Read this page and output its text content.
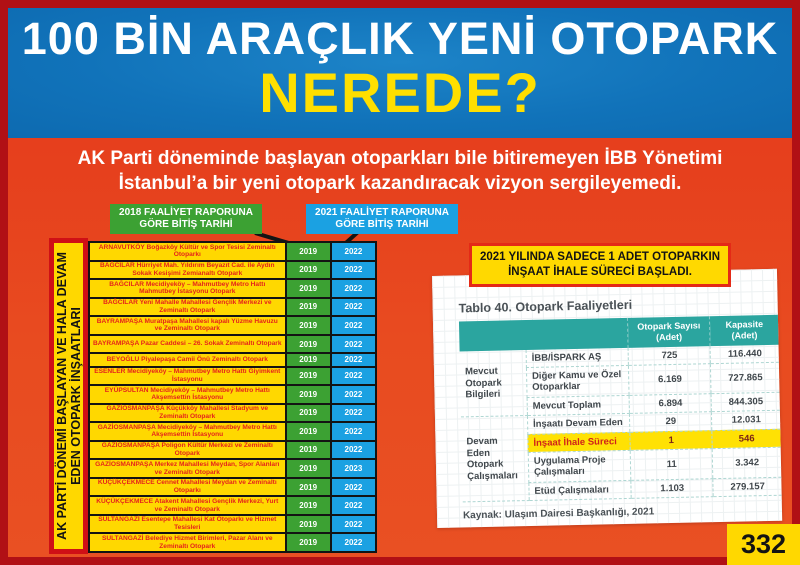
100 BİN ARAÇLIK YENİ OTOPARK
NEREDE?
AK Parti döneminde başlayan otoparkları bile bitiremeyen İBB Yönetimi
İstanbul’a bir yeni otopark kazandıracak vizyon sergileyemedi.
2018 FAALİYET RAPORUNA GÖRE BİTİŞ TARİHİ
2021 FAALİYET RAPORUNA GÖRE BİTİŞ TARİHİ
AK PARTİ DÖNEMİ BAŞLAYAN VE HALA DEVAM EDEN OTOPARK İNŞAATLARI
ARNAVUTKÖY Boğazköy Kültür ve Spor Tesisi Zeminaltı Otoparkı	2019	2022
BAĞCILAR Hürriyet Mah. Yıldırım Beyazıt Cad. ile Aydın Sokak Kesişimi Zemianaltı Otopark	2019	2022
BAĞCILAR Mecidiyeköy – Mahmutbey Metro Hattı Mahmutbey İstasyonu Otopark	2019	2022
BAĞCILAR Yeni Mahalle Mahallesi Gençlik Merkezi ve Zeminaltı Otopark	2019	2022
BAYRAMPAŞA Muratpaşa Mahallesi kapalı Yüzme Havuzu ve Zeminaltı Otopark	2019	2022
BAYRAMPAŞA Pazar Caddesi – 26. Sokak Zeminaltı Otopark	2019	2022
BEYOĞLU Piyalepaşa Camii Önü Zeminaltı Otopark	2019	2022
ESENLER Mecidiyeköy – Mahmutbey Metro Hattı Giyimkent İstasyonu	2019	2022
EYÜPSULTAN Mecidiyeköy – Mahmutbey Metro Hattı Akşemsettin İstasyonu	2019	2022
GAZİOSMANPAŞA Küçükköy Mahallesi Stadyum ve Zeminaltı Otopark	2019	2022
GAZİOSMANPAŞA Mecidiyeköy – Mahmutbey Metro Hattı Akşemsettin İstasyonu	2019	2022
GAZİOSMANPAŞA Poligon Kültür Merkezi ve Zeminaltı Otopark	2019	2022
GAZİOSMANPAŞA Merkez Mahallesi Meydan, Spor Alanları ve Zeminaltı Otopark	2019	2023
KÜÇÜKÇEKMECE Cennet Mahallesi Meydan ve Zeminaltı Otoparkı	2019	2022
KÜÇÜKÇEKMECE Atakent Mahallesi Gençlik Merkezi, Yurt ve Zeminaltı Otopark	2019	2022
SULTANGAZİ Esentepe Mahallesi Kat Otoparkı ve Hizmet Tesisleri	2019	2022
SULTANGAZİ Belediye Hizmet Birimleri, Pazar Alanı ve Zeminaltı Otopark	2019	2022
2021 YILINDA SADECE 1 ADET OTOPARKIN
İNŞAAT İHALE SÜRECİ BAŞLADI.
Tablo 40. Otopark Faaliyetleri
		Otopark Sayısı (Adet)	Kapasite (Adet)
Mevcut Otopark Bilgileri	İBB/İSPARK AŞ	725	116.440
	Diğer Kamu ve Özel Otoparklar	6.169	727.865
	Mevcut Toplam	6.894	844.305
Devam Eden Otopark Çalışmaları	İnşaatı Devam Eden	29	12.031
	İnşaat İhale Süreci	1	546
	Uygulama Proje Çalışmaları	11	3.342
	Etüd Çalışmaları	1.103	279.157
Kaynak: Ulaşım Dairesi Başkanlığı, 2021
332
